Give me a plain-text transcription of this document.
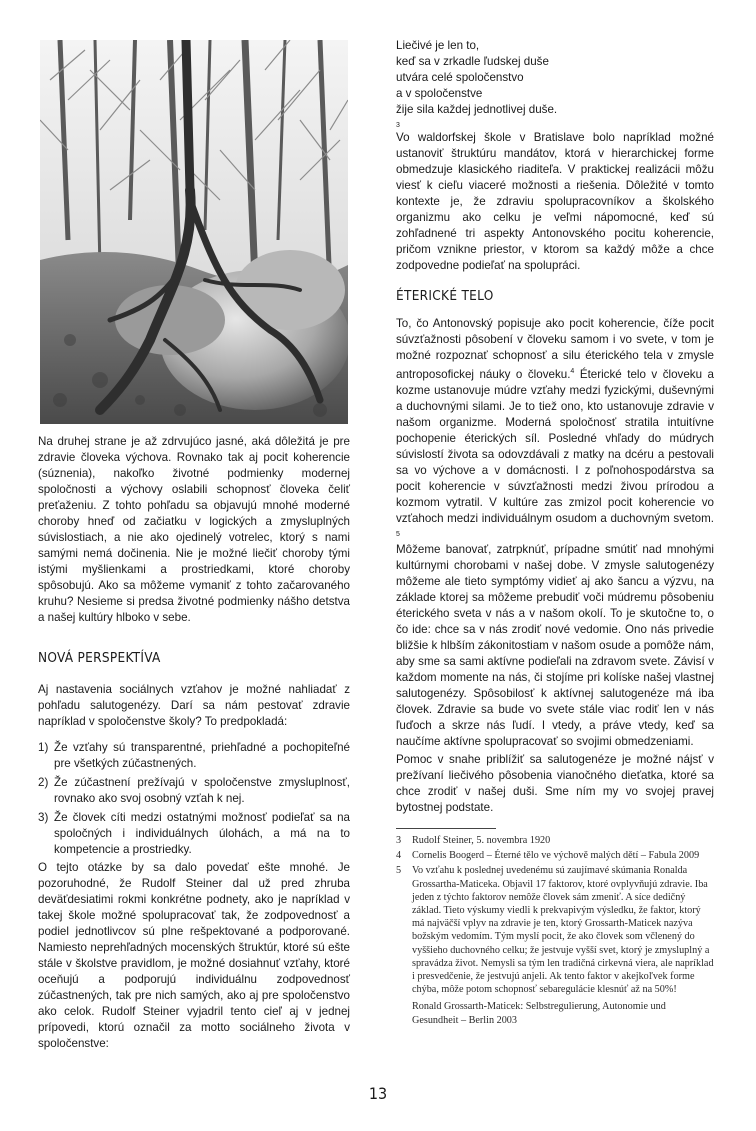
Na druhej strane je až zdrvujúco jasné, aká dôležitá je pre zdravie človeka výchova. Rovnako tak aj pocit koherencie (súznenia), nakoľko životné podmienky modernej spoločnosti a výchovy oslabili schopnosť človeka čeliť preťaženiu. Z tohto pohľadu sa objavujú mnohé moderné choroby hneď od začiatku v logických a zmysluplných súvislostiach, a nie ako ojedinelý votrelec, ktorý s nami samými nemá dočinenia. Nie je možné liečiť choroby tými istými myšlienkami a prostriedkami, ktoré choroby spôsobujú. Ako sa môžeme vymaniť z tohto začarovaného kruhu? Nesieme si predsa životné podmienky nášho detstva a našej kultúry hlboko v sebe.

NOVÁ PERSPEKTÍVA

Aj nastavenia sociálnych vzťahov je možné nahliadať z pohľadu salutogenézy. Darí sa nám pestovať zdravie napríklad v spoločenstve školy? To predpokladá:

1) Že vzťahy sú transparentné, priehľadné a pochopiteľné pre všetkých zúčastnených.
2) Že zúčastnení prežívajú v spoločenstve zmysluplnosť, rovnako ako svoj osobný vzťah k nej.
3) Že človek cíti medzi ostatnými možnosť podieľať sa na spoločných i individuálnych úlohách, a má na to kompetencie a prostriedky.

O tejto otázke by sa dalo povedať ešte mnohé. Je pozoruhodné, že Rudolf Steiner dal už pred zhruba deväťdesiatimi rokmi konkrétne podnety, ako je napríklad v takej škole možné spolupracovať tak, že zodpovednosť a podiel jednotlivcov sú plne rešpektované a podporované. Namiesto neprehľadných mocenských štruktúr, ktoré sú ešte stále v školstve pravidlom, je možné dosiahnuť vzťahy, ktoré oceňujú a podporujú individuálnu zodpovednosť zúčastnených, tak pre nich samých, ako aj pre spoločenstvo ako celok. Rudolf Steiner vyjadril tento cieľ aj v jednej prípovedi, ktorú označil za motto sociálneho života v spoločenstve:

Liečivé je len to,
keď sa v zrkadle ľudskej duše
utvára celé spoločenstvo
a v spoločenstve
žije sila každej jednotlivej duše.
$^3$

Vo waldorfskej škole v Bratislave bolo napríklad možné ustanoviť štruktúru mandátov, ktorá v hierarchickej forme obmedzuje klasického riaditeľa. V praktickej realizácii môžu viesť k cieľu viaceré možnosti a riešenia. Dôležité v tomto kontexte je, že zdraviu spolupracovníkov a školského organizmu ako celku je veľmi nápomocné, keď sú zohľadnené tri aspekty Antonovského pocitu koherencie, pričom vznikne priestor, v ktorom sa každý môže a chce zodpovedne podieľať na spolupráci.

ÉTERICKÉ TELO

To, čo Antonovský popisuje ako pocit koherencie, číže pocit súvzťažnosti pôsobení v človeku samom i vo svete, v tom je možné rozpoznať schopnosť a silu éterického tela v zmysle antroposofickej náuky o človeku.$^4$ Éterické telo v človeku a kozme ustanovuje múdre vzťahy medzi fyzickými, duševnými a duchovnými silami. Je to tiež ono, kto ustanovuje zdravie v našom organizme. Moderná spoločnosť stratila intuitívne pochopenie éterických síl. Posledné vhľady do múdrych súvislostí života sa odovzdávali z matky na dcéru a pestovali sa vo výchove a v domácnosti. I z poľnohospodárstva sa pocit koherencie v súvzťažnosti medzi živou prírodou a kozmom vytratil. V kultúre zas zmizol pocit koherencie vo vzťahoch medzi individuálnym osudom a duchovným svetom. $^5$

Môžeme banovať, zatrpknúť, prípadne smútiť nad mnohými kultúrnymi chorobami v našej dobe. V zmysle salutogenézy môžeme ale tieto symptómy vidieť aj ako šancu a výzvu, na základe ktorej sa môžeme prebudiť voči múdremu pôsobeniu éterického sveta v nás a v našom okolí. To je skutočne to, o čo ide: chce sa v nás zrodiť nové vedomie. Ono nás privedie bližšie k hlbším zákonitostiam v našom osude a pomôže nám, aby sme sa sami aktívne podieľali na zdravom svete. Závisí v každom momente na nás, či stojíme pri kolíske našej vlastnej salutogenézy. Spôsobilosť k aktívnej salutogenéze má iba človek. Zdravie sa bude vo svete stále viac rodiť len v nás ľuďoch a skrze nás ľudí. I vtedy, a práve vtedy, keď sa naučíme aktívne spolupracovať so svojimi obmedzeniami.

Pomoc v snahe priblížiť sa salutogenéze je možné nájsť v prežívaní liečivého pôsobenia vianočného dieťatka, ktoré sa chce zrodiť v našej duši. Sme ním my vo svojej pravej bytostnej podstate.

3 Rudolf Steiner, 5. novembra 1920
4 Cornelis Boogerd – Éterné tělo ve výchově malých dětí – Fabula 2009
5 Vo vzťahu k poslednej uvedenému sú zaujímavé skúmania Ronalda Grossartha-Maticeka. Objavil 17 faktorov, ktoré ovplyvňujú zdravie. Iba jeden z týchto faktorov nemôže človek sám zmeniť. A síce dedičný základ. Tieto výskumy viedli k prekvapivým výsledku, že faktor, ktorý má najväčší vplyv na zdravie je ten, ktorý Grossarth-Maticek nazýva božským vedomím. Tým myslí pocit, že ako človek som včlenený do vyššieho duchovného celku; že jestvuje vyšší svet, ktorý je zmysluplný a spravádza život. Nemysli sa tým len tradičná cirkevná viera, ale napríklad i presvedčenie, že jestvujú anjeli. Ak tento faktor v akejkoľvek forme chýba, môže potom schopnosť sebaregulácie klesnúť až na 50%!
Ronald Grossarth-Maticek: Selbstregulierung, Autonomie und Gesundheit – Berlin 2003
13
